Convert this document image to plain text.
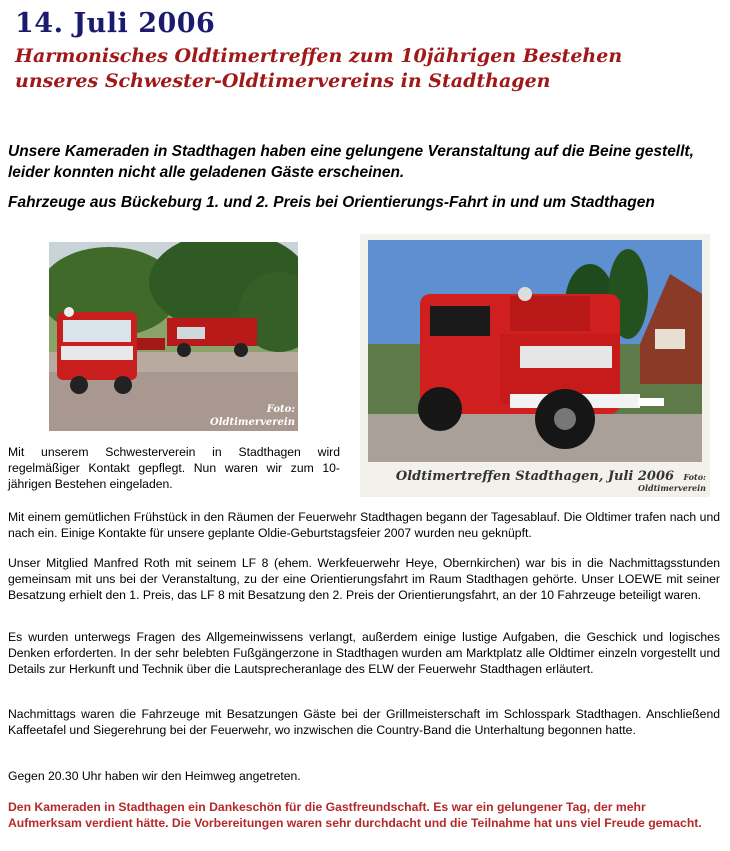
14. Juli 2006
Harmonisches Oldtimertreffen zum 10jährigen Bestehen
unseres Schwester-Oldtimervereins in Stadthagen
Unsere Kameraden in Stadthagen haben eine gelungene Veranstaltung auf die Beine gestellt, leider konnten nicht alle geladenen Gäste erscheinen.
Fahrzeuge aus Bückeburg 1. und 2. Preis bei Orientierungs-Fahrt in und um Stadthagen
Foto:
Oldtimerverein
Oldtimertreffen Stadthagen, Juli 2006 Foto:
Oldtimerverein
Mit unserem Schwesterverein in Stadthagen wird regelmäßiger Kontakt gepflegt. Nun waren wir zum 10-jährigen Bestehen eingeladen.
Mit einem gemütlichen Frühstück in den Räumen der Feuerwehr Stadthagen begann der Tagesablauf. Die Oldtimer trafen nach und nach ein. Einige Kontakte für unsere geplante Oldie-Geburtstagsfeier 2007 wurden neu geknüpft.
Unser Mitglied Manfred Roth mit seinem LF 8 (ehem. Werkfeuerwehr Heye, Obernkirchen) war bis in die Nachmittagsstunden gemeinsam mit uns bei der Veranstaltung, zu der eine Orientierungsfahrt im Raum Stadthagen gehörte. Unser LOEWE mit seiner Besatzung erhielt den 1. Preis, das LF 8 mit Besatzung den 2. Preis der Orientierungsfahrt, an der 10 Fahrzeuge beteiligt waren.
Es wurden unterwegs Fragen des Allgemeinwissens verlangt, außerdem einige lustige Aufgaben, die Geschick und logisches Denken erforderten. In der sehr belebten Fußgängerzone in Stadthagen wurden am Marktplatz alle Oldtimer einzeln vorgestellt und Details zur Herkunft und Technik über die Lautsprecheranlage des ELW der Feuerwehr Stadthagen erläutert.
Nachmittags waren die Fahrzeuge mit Besatzungen Gäste bei der Grillmeisterschaft im Schlosspark Stadthagen. Anschließend Kaffeetafel und Siegerehrung bei der Feuerwehr, wo inzwischen die Country-Band die Unterhaltung begonnen hatte.
Gegen 20.30 Uhr haben wir den Heimweg angetreten.
Den Kameraden in Stadthagen ein Dankeschön für die Gastfreundschaft. Es war ein gelungener Tag, der mehr Aufmerksam verdient hätte. Die Vorbereitungen waren sehr durchdacht und die Teilnahme hat uns viel Freude gemacht.
